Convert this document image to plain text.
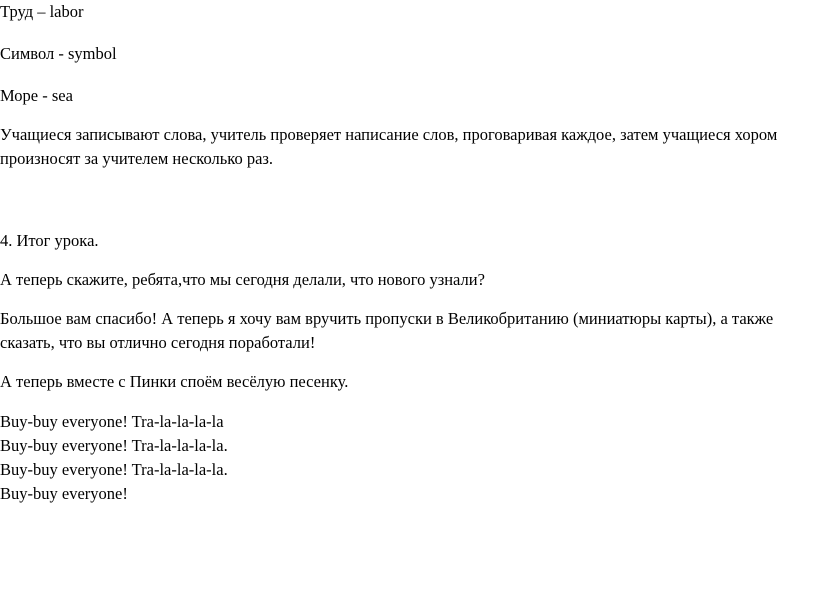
Труд – labor

Символ - symbol

Море - sea

Учащиеся записывают слова, учитель проверяет написание слов, проговаривая каждое, затем учащиеся хором произносят за учителем несколько раз.

4. Итог урока.

А теперь скажите, ребята,что мы сегодня делали, что нового узнали?

Большое вам спасибо! А теперь я хочу вам вручить пропуски в Великобританию (миниатюры карты), а также сказать, что вы отлично сегодня поработали!

А теперь вместе с Пинки споём весёлую песенку.

Buy-buy everyone! Tra-la-la-la-la
Buy-buy everyone! Tra-la-la-la-la.
Buy-buy everyone! Tra-la-la-la-la.
Buy-buy everyone!
